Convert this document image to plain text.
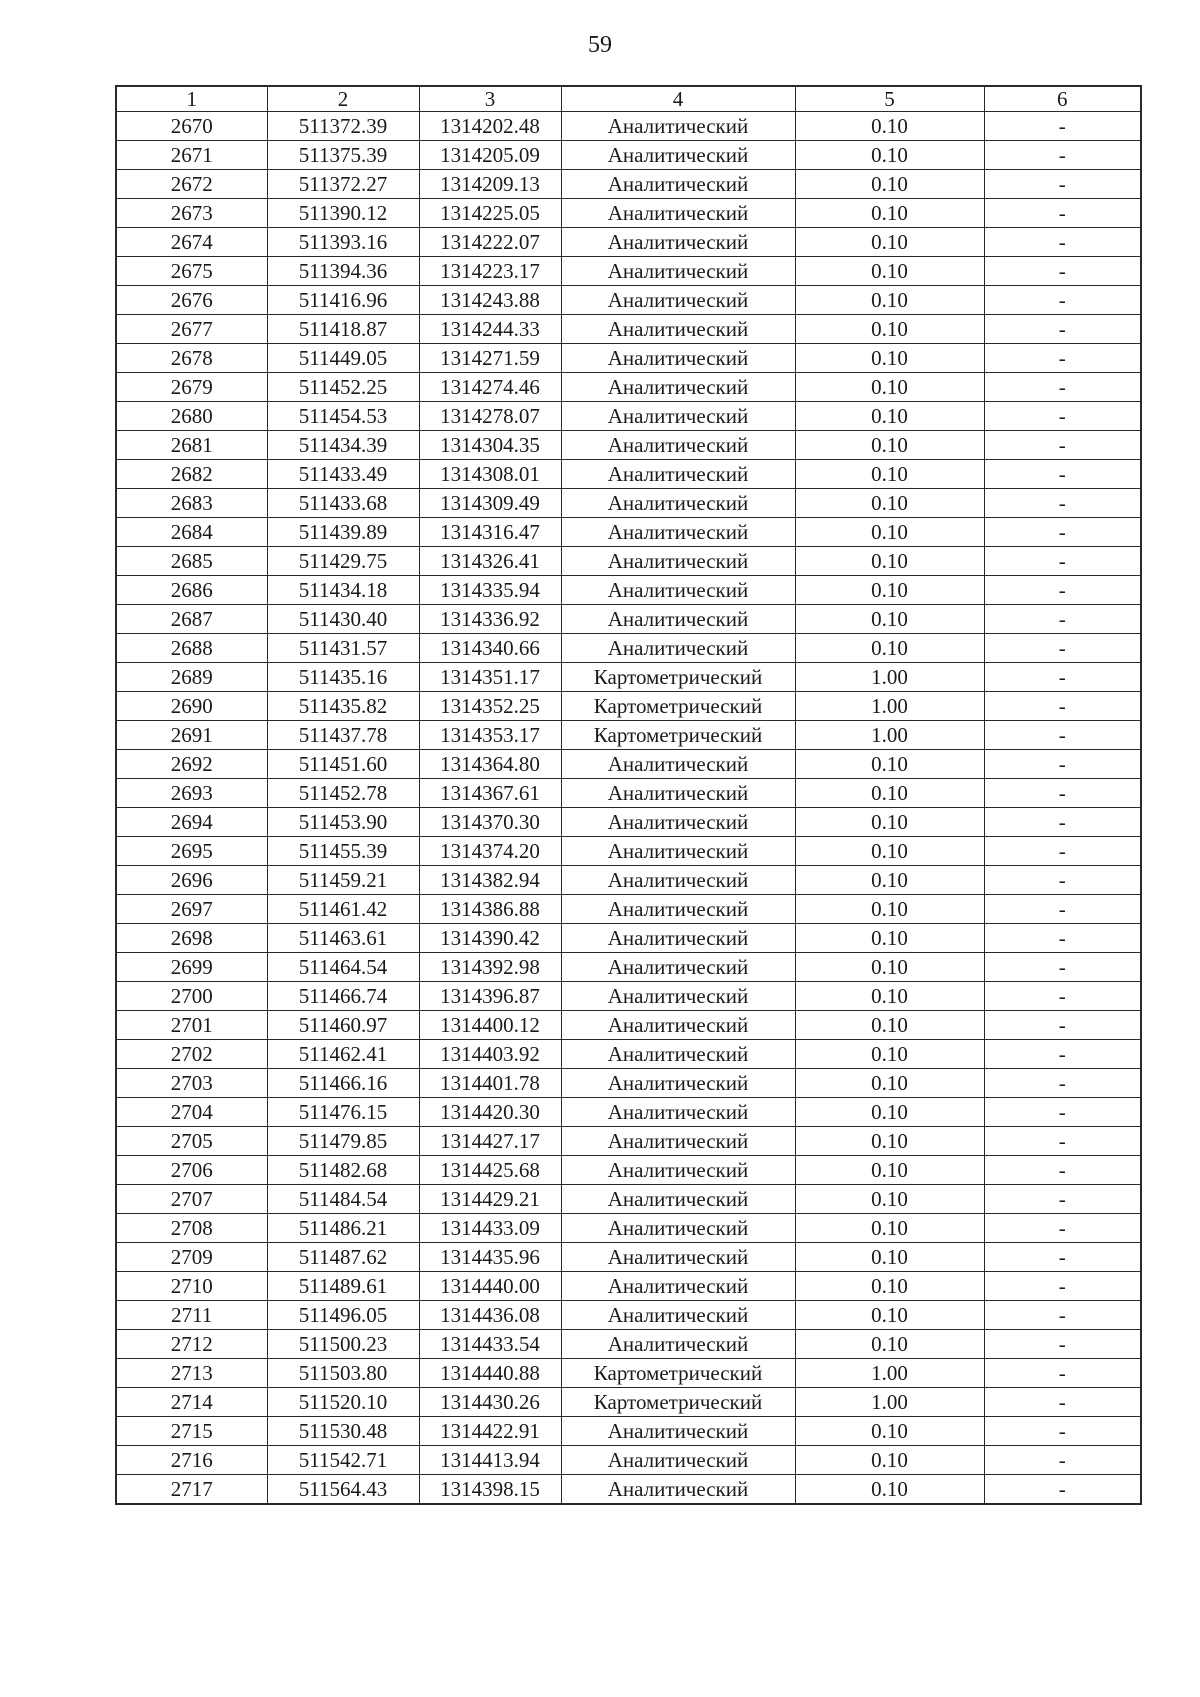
59
1	2	3	4	5	6
2670	511372.39	1314202.48	Аналитический	0.10	-
2671	511375.39	1314205.09	Аналитический	0.10	-
2672	511372.27	1314209.13	Аналитический	0.10	-
2673	511390.12	1314225.05	Аналитический	0.10	-
2674	511393.16	1314222.07	Аналитический	0.10	-
2675	511394.36	1314223.17	Аналитический	0.10	-
2676	511416.96	1314243.88	Аналитический	0.10	-
2677	511418.87	1314244.33	Аналитический	0.10	-
2678	511449.05	1314271.59	Аналитический	0.10	-
2679	511452.25	1314274.46	Аналитический	0.10	-
2680	511454.53	1314278.07	Аналитический	0.10	-
2681	511434.39	1314304.35	Аналитический	0.10	-
2682	511433.49	1314308.01	Аналитический	0.10	-
2683	511433.68	1314309.49	Аналитический	0.10	-
2684	511439.89	1314316.47	Аналитический	0.10	-
2685	511429.75	1314326.41	Аналитический	0.10	-
2686	511434.18	1314335.94	Аналитический	0.10	-
2687	511430.40	1314336.92	Аналитический	0.10	-
2688	511431.57	1314340.66	Аналитический	0.10	-
2689	511435.16	1314351.17	Картометрический	1.00	-
2690	511435.82	1314352.25	Картометрический	1.00	-
2691	511437.78	1314353.17	Картометрический	1.00	-
2692	511451.60	1314364.80	Аналитический	0.10	-
2693	511452.78	1314367.61	Аналитический	0.10	-
2694	511453.90	1314370.30	Аналитический	0.10	-
2695	511455.39	1314374.20	Аналитический	0.10	-
2696	511459.21	1314382.94	Аналитический	0.10	-
2697	511461.42	1314386.88	Аналитический	0.10	-
2698	511463.61	1314390.42	Аналитический	0.10	-
2699	511464.54	1314392.98	Аналитический	0.10	-
2700	511466.74	1314396.87	Аналитический	0.10	-
2701	511460.97	1314400.12	Аналитический	0.10	-
2702	511462.41	1314403.92	Аналитический	0.10	-
2703	511466.16	1314401.78	Аналитический	0.10	-
2704	511476.15	1314420.30	Аналитический	0.10	-
2705	511479.85	1314427.17	Аналитический	0.10	-
2706	511482.68	1314425.68	Аналитический	0.10	-
2707	511484.54	1314429.21	Аналитический	0.10	-
2708	511486.21	1314433.09	Аналитический	0.10	-
2709	511487.62	1314435.96	Аналитический	0.10	-
2710	511489.61	1314440.00	Аналитический	0.10	-
2711	511496.05	1314436.08	Аналитический	0.10	-
2712	511500.23	1314433.54	Аналитический	0.10	-
2713	511503.80	1314440.88	Картометрический	1.00	-
2714	511520.10	1314430.26	Картометрический	1.00	-
2715	511530.48	1314422.91	Аналитический	0.10	-
2716	511542.71	1314413.94	Аналитический	0.10	-
2717	511564.43	1314398.15	Аналитический	0.10	-
